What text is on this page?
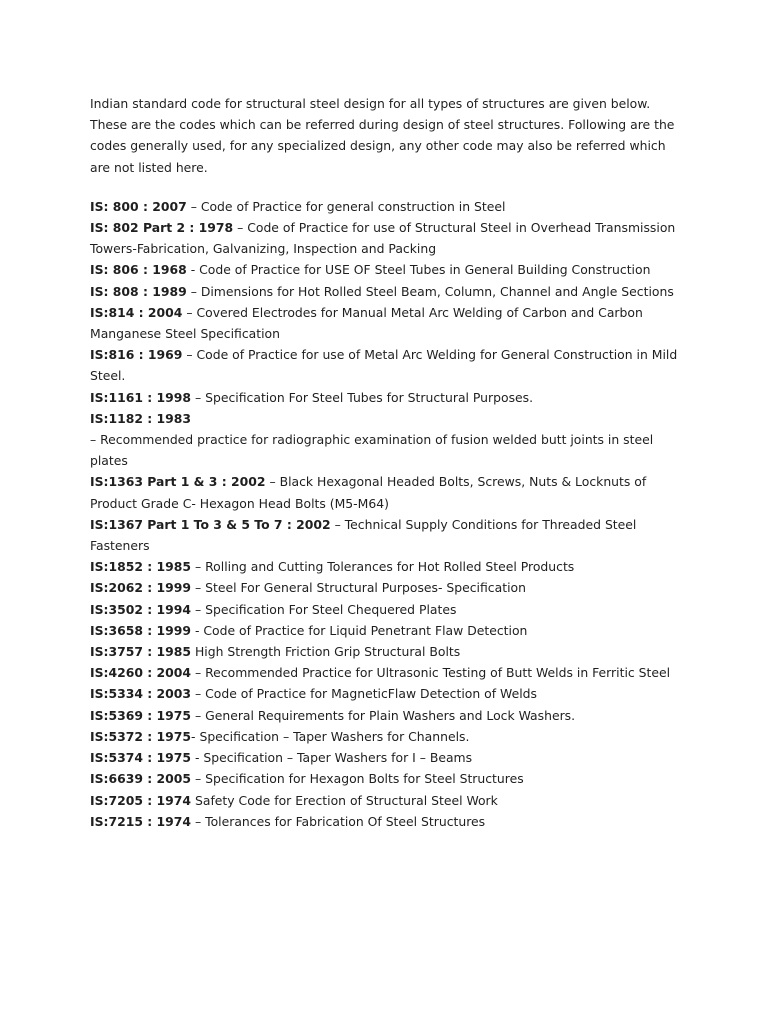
Indian standard code for structural steel design for all types of structures are given below. These are the codes which can be referred during design of steel structures. Following are the codes generally used, for any specialized design, any other code may also be referred which are not listed here.

IS: 800 : 2007 – Code of Practice for general construction in Steel
IS: 802 Part 2 : 1978 – Code of Practice for use of Structural Steel in Overhead Transmission Towers-Fabrication, Galvanizing, Inspection and Packing
IS: 806 : 1968 - Code of Practice for USE OF Steel Tubes in General Building Construction
IS: 808 : 1989 – Dimensions for Hot Rolled Steel Beam, Column, Channel and Angle Sections
IS:814 : 2004 – Covered Electrodes for Manual Metal Arc Welding of Carbon and Carbon Manganese Steel Specification
IS:816 : 1969 – Code of Practice for use of Metal Arc Welding for General Construction in Mild Steel.
IS:1161 : 1998 – Specification For Steel Tubes for Structural Purposes.
IS:1182 : 1983
– Recommended practice for radiographic examination of fusion welded butt joints in steel plates
IS:1363 Part 1 & 3 : 2002 – Black Hexagonal Headed Bolts, Screws, Nuts & Locknuts of Product Grade C- Hexagon Head Bolts (M5-M64)
IS:1367 Part 1 To 3 & 5 To 7 : 2002 – Technical Supply Conditions for Threaded Steel Fasteners
IS:1852 : 1985 – Rolling and Cutting Tolerances for Hot Rolled Steel Products
IS:2062 : 1999 – Steel For General Structural Purposes- Specification
IS:3502 : 1994 – Specification For Steel Chequered Plates
IS:3658 : 1999 - Code of Practice for Liquid Penetrant Flaw Detection
IS:3757 : 1985 High Strength Friction Grip Structural Bolts
IS:4260 : 2004 – Recommended Practice for Ultrasonic Testing of Butt Welds in Ferritic Steel
IS:5334 : 2003 – Code of Practice for MagneticFlaw Detection of Welds
IS:5369 : 1975 – General Requirements for Plain Washers and Lock Washers.
IS:5372 : 1975- Specification – Taper Washers for Channels.
IS:5374 : 1975 - Specification – Taper Washers for I – Beams
IS:6639 : 2005 – Specification for Hexagon Bolts for Steel Structures
IS:7205 : 1974 Safety Code for Erection of Structural Steel Work
IS:7215 : 1974 – Tolerances for Fabrication Of Steel Structures
